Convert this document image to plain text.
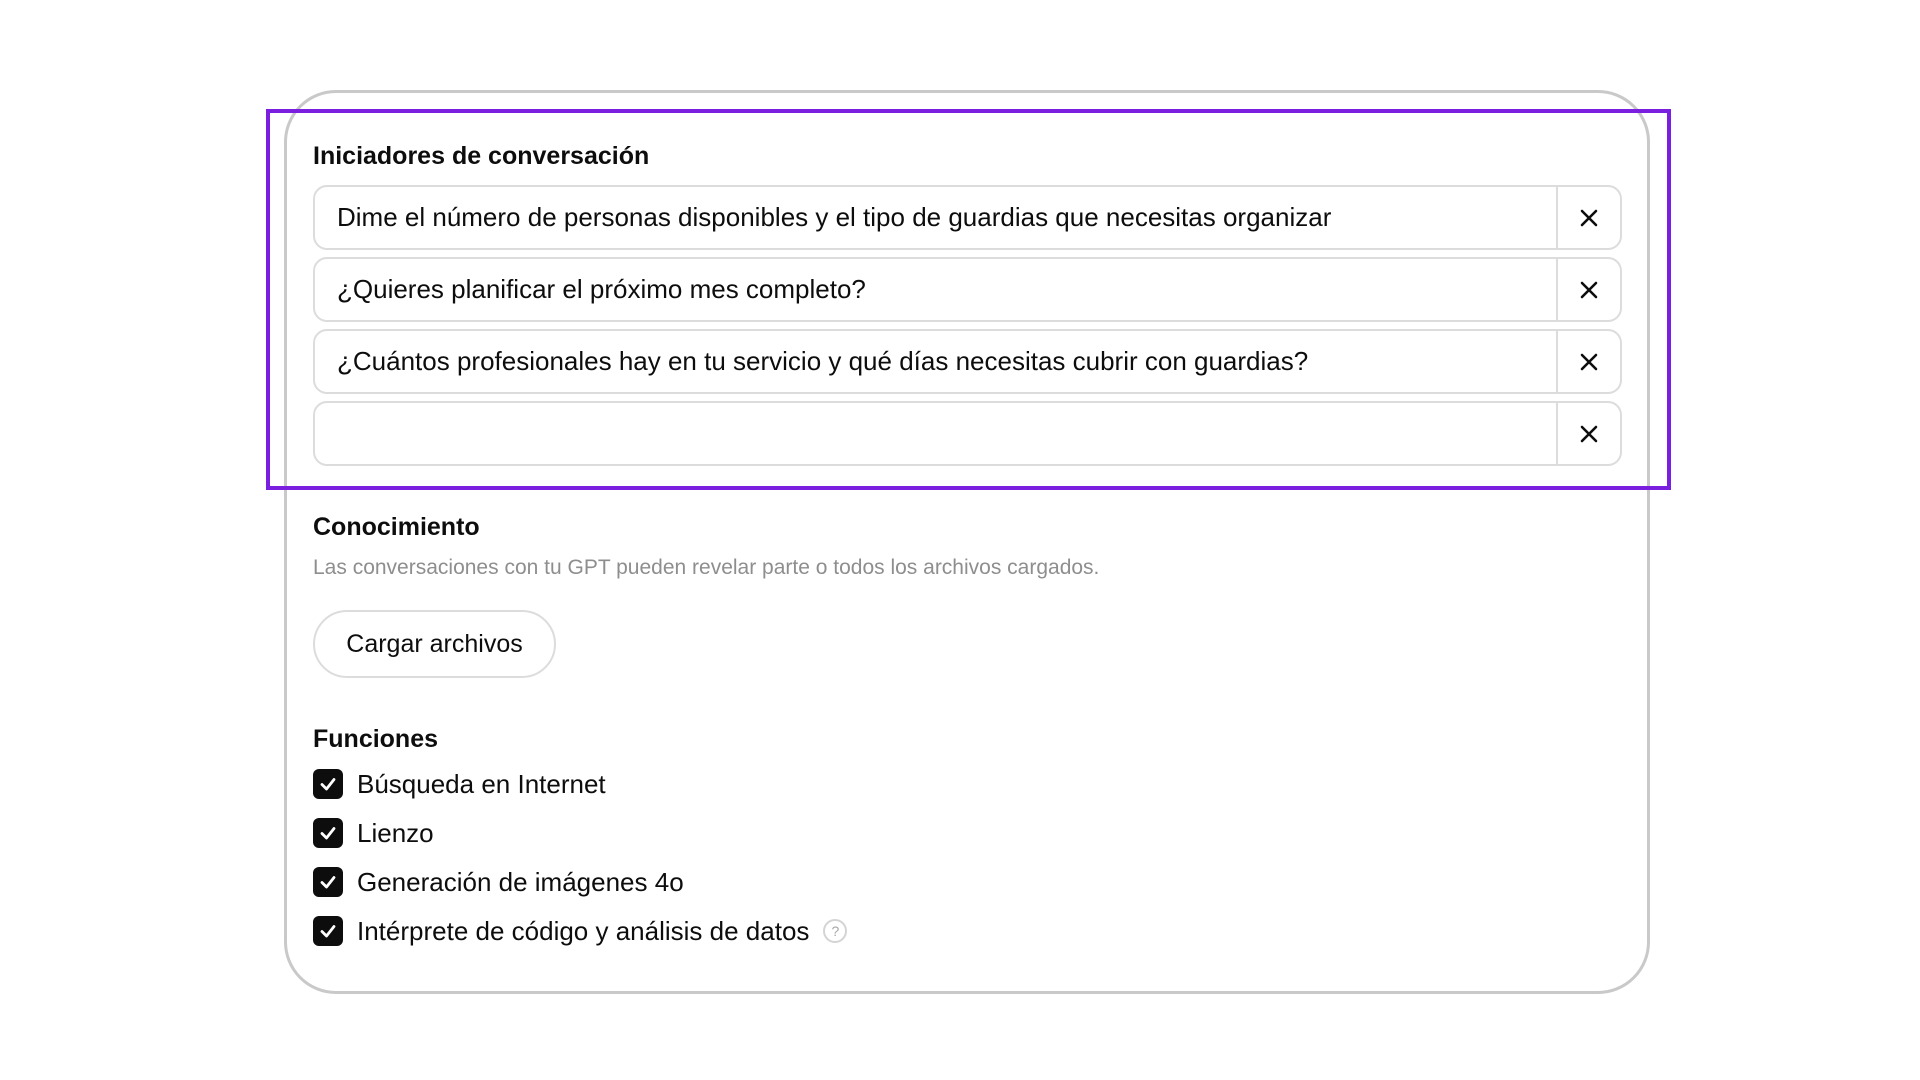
Iniciadores de conversación
Dime el número de personas disponibles y el tipo de guardias que necesitas organizar
¿Quieres planificar el próximo mes completo?
¿Cuántos profesionales hay en tu servicio y qué días necesitas cubrir con guardias?
Conocimiento
Las conversaciones con tu GPT pueden revelar parte o todos los archivos cargados.
Cargar archivos
Funciones
Búsqueda en Internet
Lienzo
Generación de imágenes 4o
Intérprete de código y análisis de datos	?
